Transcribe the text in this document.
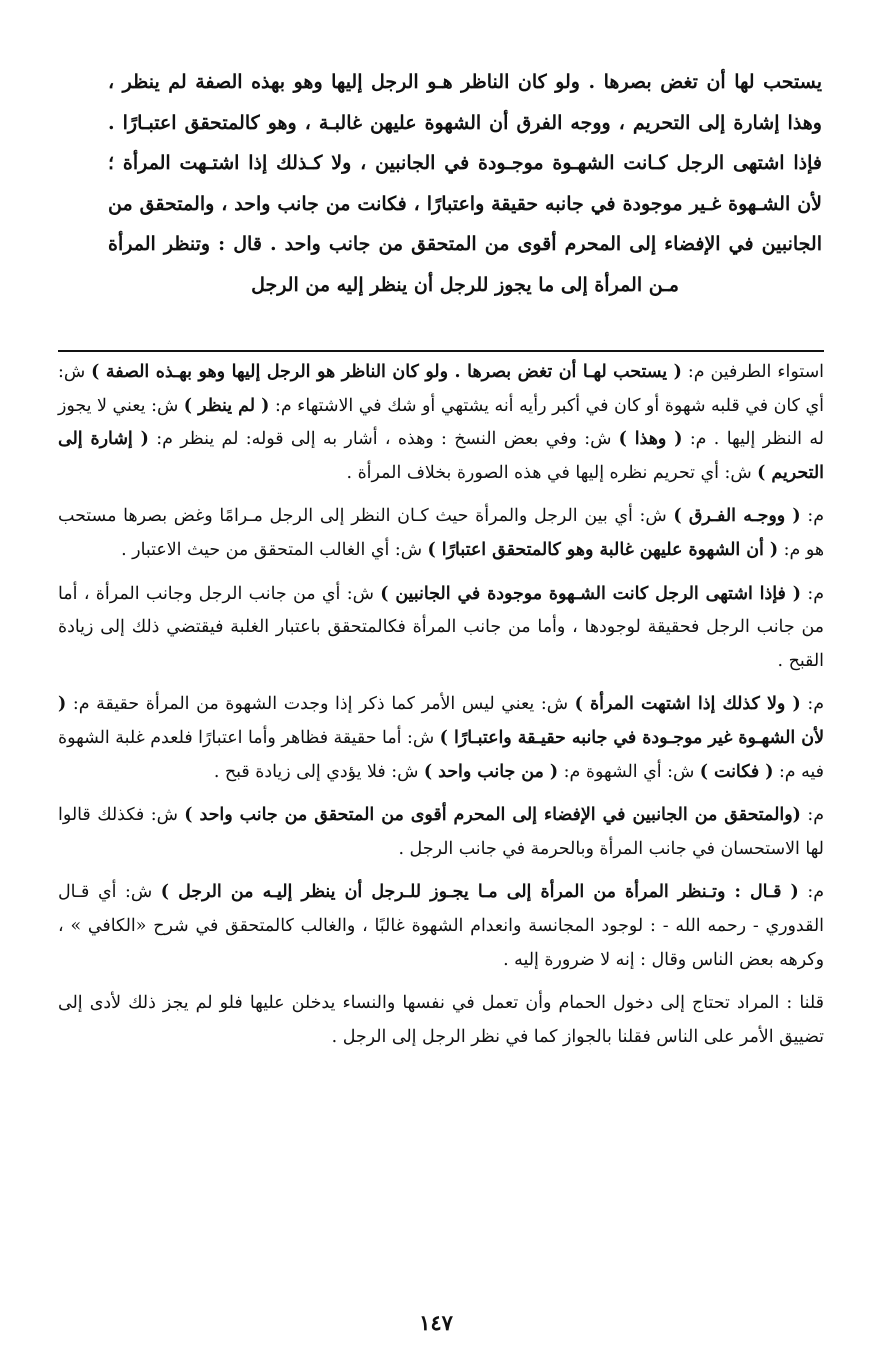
يستحب لها أن تغض بصرها . ولو كان الناظر هـو الرجل إليها وهو بهذه الصفة لم ينظر ، وهذا إشارة إلى التحريم ، ووجه الفرق أن الشهوة عليهن غالبـة ، وهو كالمتحقق اعتبـارًا . فإذا اشتهى الرجل كـانت الشهـوة موجـودة في الجانبين ، ولا كـذلك إذا اشتـهت المرأة ؛ لأن الشـهوة غـير موجودة في جانبه حقيقة واعتبارًا ، فكانت من جانب واحد ، والمتحقق من الجانبين في الإفضاء إلى المحرم أقوى من المتحقق من جانب واحد . قال : وتنظر المرأة مـن المرأة إلى ما يجوز للرجل أن ينظر إليه من الرجل

استواء الطرفين م: ( يستحب لهـا أن تغض بصرها . ولو كان الناظر هو الرجل إليها وهو بهـذه الصفة ) ش: أي كان في قلبه شهوة أو كان في أكبر رأيه أنه يشتهي أو شك في الاشتهاء م: ( لم ينظر ) ش: يعني لا يجوز له النظر إليها . م: ( وهذا ) ش: وفي بعض النسخ : وهذه ، أشار به إلى قوله: لم ينظر م: ( إشارة إلى التحريم ) ش: أي تحريم نظره إليها في هذه الصورة بخلاف المرأة .

م: ( ووجـه الفـرق ) ش: أي بين الرجل والمرأة حيث كـان النظر إلى الرجل مـرامًا وغض بصرها مستحب هو م: ( أن الشهوة عليهن غالبة وهو كالمتحقق اعتبارًا ) ش: أي الغالب المتحقق من حيث الاعتبار .

م: ( فإذا اشتهى الرجل كانت الشـهوة موجودة في الجانبين ) ش: أي من جانب الرجل وجانب المرأة ، أما من جانب الرجل فحقيقة لوجودها ، وأما من جانب المرأة فكالمتحقق باعتبار الغلبة فيقتضي ذلك إلى زيادة القبح .

م: ( ولا كذلك إذا اشتهت المرأة ) ش: يعني ليس الأمر كما ذكر إذا وجدت الشهوة من المرأة حقيقة م: ( لأن الشهـوة غير موجـودة في جانبه حقيـقة واعتبـارًا ) ش: أما حقيقة فظاهر وأما اعتبارًا فلعدم غلبة الشهوة فيه م: ( فكانت ) ش: أي الشهوة م: ( من جانب واحد ) ش: فلا يؤدي إلى زيادة قبح .

م: (والمتحقق من الجانبين في الإفضاء إلى المحرم أقوى من المتحقق من جانب واحد ) ش: فكذلك قالوا لها الاستحسان في جانب المرأة وبالحرمة في جانب الرجل .

م: ( قـال : وتـنظر المرأة من المرأة إلى مـا يجـوز للـرجل أن ينظر إليـه من الرجل ) ش: أي قـال القدوري - رحمه الله - : لوجود المجانسة وانعدام الشهوة غالبًا ، والغالب كالمتحقق في شرح «الكافي » ، وكرهه بعض الناس وقال : إنه لا ضرورة إليه .

قلنا : المراد تحتاج إلى دخول الحمام وأن تعمل في نفسها والنساء يدخلن عليها فلو لم يجز ذلك لأدى إلى تضييق الأمر على الناس فقلنا بالجواز كما في نظر الرجل إلى الرجل .

١٤٧
